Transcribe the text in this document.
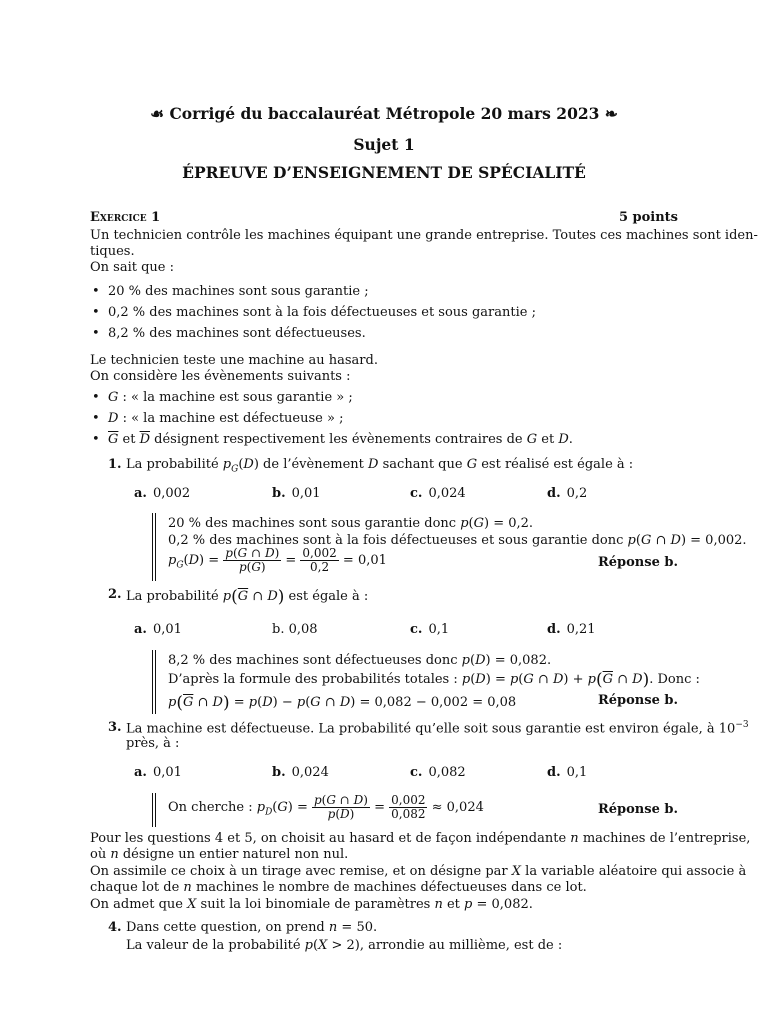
☙ Corrigé du baccalauréat Métropole 20 mars 2023 ❧
Sujet 1
ÉPREUVE D’ENSEIGNEMENT DE SPÉCIALITÉ
Exercice 1	5 points
Un technicien contrôle les machines équipant une grande entreprise. Toutes ces machines sont iden-
tiques.
On sait que :
• 20 % des machines sont sous garantie ;
• 0,2 % des machines sont à la fois défectueuses et sous garantie ;
• 8,2 % des machines sont défectueuses.
Le technicien teste une machine au hasard.
On considère les évènements suivants :
• G : « la machine est sous garantie » ;
• D : « la machine est défectueuse » ;
• $\overline{G}$ et $\overline{D}$ désignent respectivement les évènements contraires de G et D.
1. La probabilité $p_G(D)$ de l’évènement D sachant que G est réalisé est égale à :
a. 0,002	b. 0,01	c. 0,024	d. 0,2
20 % des machines sont sous garantie donc p(G) = 0,2.
0,2 % des machines sont à la fois défectueuses et sous garantie donc p(G ∩ D) = 0,002.
$p_G(D) = \frac{p(G \cap D)}{p(G)} = \frac{0,002}{0,2} = 0,01$	Réponse b.
2. La probabilité $p(\overline{G}$ ∩ D) est égale à :
a. 0,01	b. 0,08	c. 0,1	d. 0,21
8,2 % des machines sont défectueuses donc p(D) = 0,082.
D’après la formule des probabilités totales : p(D) = p(G ∩ $D) + p(\overline{G}$ ∩ D). Donc :
$p(\overline{G}$ ∩ D) = p(D) − p(G ∩ D) = 0,082 − 0,002 = 0,08	Réponse b.
3. La machine est défectueuse. La probabilité qu’elle soit sous garantie est environ égale, à $10^{-3}$
près, à :
a. 0,01	b. 0,024	c. 0,082	d. 0,1
On cherche : $p_D(G) = \frac{p(G \cap D)}{p(D)} = \frac{0,002}{0,082} \approx 0,024$	Réponse b.
Pour les questions 4 et 5, on choisit au hasard et de façon indépendante n machines de l’entreprise,
où n désigne un entier naturel non nul.
On assimile ce choix à un tirage avec remise, et on désigne par X la variable aléatoire qui associe à
chaque lot de n machines le nombre de machines défectueuses dans ce lot.
On admet que X suit la loi binomiale de paramètres n et p = 0,082.
4. Dans cette question, on prend n = 50.
La valeur de la probabilité p(X > 2), arrondie au millième, est de :
